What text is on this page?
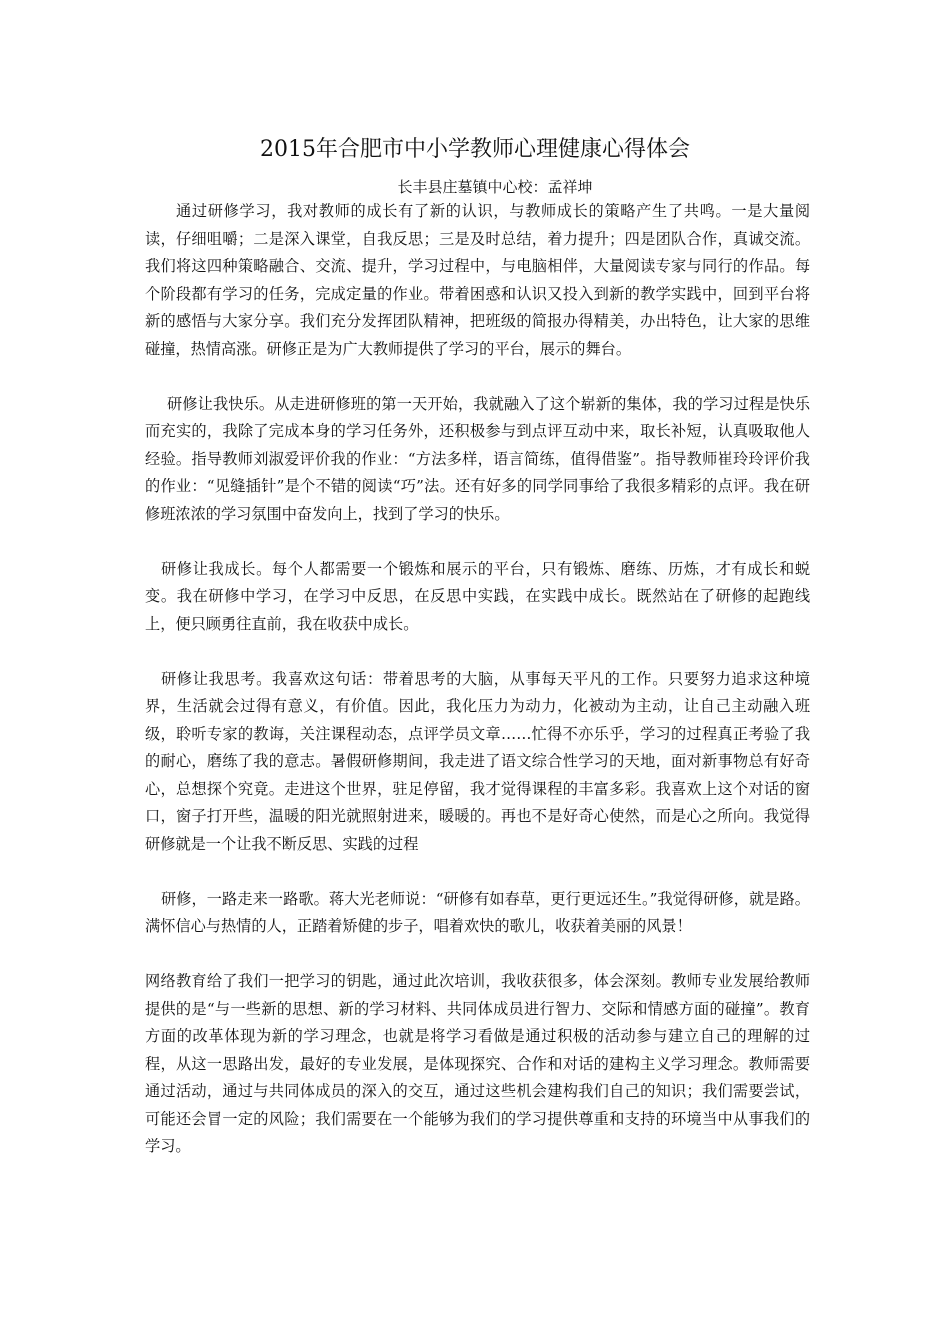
2015年合肥市中小学教师心理健康心得体会
长丰县庄墓镇中心校：孟祥坤

通过研修学习，我对教师的成长有了新的认识，与教师成长的策略产生了共鸣。一是大量阅读，仔细咀嚼；二是深入课堂，自我反思；三是及时总结，着力提升；四是团队合作，真诚交流。我们将这四种策略融合、交流、提升，学习过程中，与电脑相伴，大量阅读专家与同行的作品。每个阶段都有学习的任务，完成定量的作业。带着困惑和认识又投入到新的教学实践中，回到平台将新的感悟与大家分享。我们充分发挥团队精神，把班级的简报办得精美，办出特色，让大家的思维碰撞，热情高涨。研修正是为广大教师提供了学习的平台，展示的舞台。

研修让我快乐。从走进研修班的第一天开始，我就融入了这个崭新的集体，我的学习过程是快乐而充实的，我除了完成本身的学习任务外，还积极参与到点评互动中来，取长补短，认真吸取他人经验。指导教师刘淑爱评价我的作业：“方法多样，语言简练，值得借鉴”。指导教师崔玲玲评价我的作业：“见缝插针”是个不错的阅读“巧”法。还有好多的同学同事给了我很多精彩的点评。我在研修班浓浓的学习氛围中奋发向上，找到了学习的快乐。

研修让我成长。每个人都需要一个锻炼和展示的平台，只有锻炼、磨练、历炼，才有成长和蜕变。我在研修中学习，在学习中反思，在反思中实践，在实践中成长。既然站在了研修的起跑线上，便只顾勇往直前，我在收获中成长。

研修让我思考。我喜欢这句话：带着思考的大脑，从事每天平凡的工作。只要努力追求这种境界，生活就会过得有意义，有价值。因此，我化压力为动力，化被动为主动，让自己主动融入班级，聆听专家的教诲，关注课程动态，点评学员文章……忙得不亦乐乎，学习的过程真正考验了我的耐心，磨练了我的意志。暑假研修期间，我走进了语文综合性学习的天地，面对新事物总有好奇心，总想探个究竟。走进这个世界，驻足停留，我才觉得课程的丰富多彩。我喜欢上这个对话的窗口，窗子打开些，温暖的阳光就照射进来，暖暖的。再也不是好奇心使然，而是心之所向。我觉得研修就是一个让我不断反思、实践的过程

研修，一路走来一路歌。蒋大光老师说：“研修有如春草，更行更远还生。”我觉得研修，就是路。满怀信心与热情的人，正踏着矫健的步子，唱着欢快的歌儿，收获着美丽的风景！

网络教育给了我们一把学习的钥匙，通过此次培训，我收获很多，体会深刻。教师专业发展给教师提供的是“与一些新的思想、新的学习材料、共同体成员进行智力、交际和情感方面的碰撞”。教育方面的改革体现为新的学习理念，也就是将学习看做是通过积极的活动参与建立自己的理解的过程，从这一思路出发，最好的专业发展，是体现探究、合作和对话的建构主义学习理念。教师需要通过活动，通过与共同体成员的深入的交互，通过这些机会建构我们自己的知识；我们需要尝试，可能还会冒一定的风险；我们需要在一个能够为我们的学习提供尊重和支持的环境当中从事我们的学习。
